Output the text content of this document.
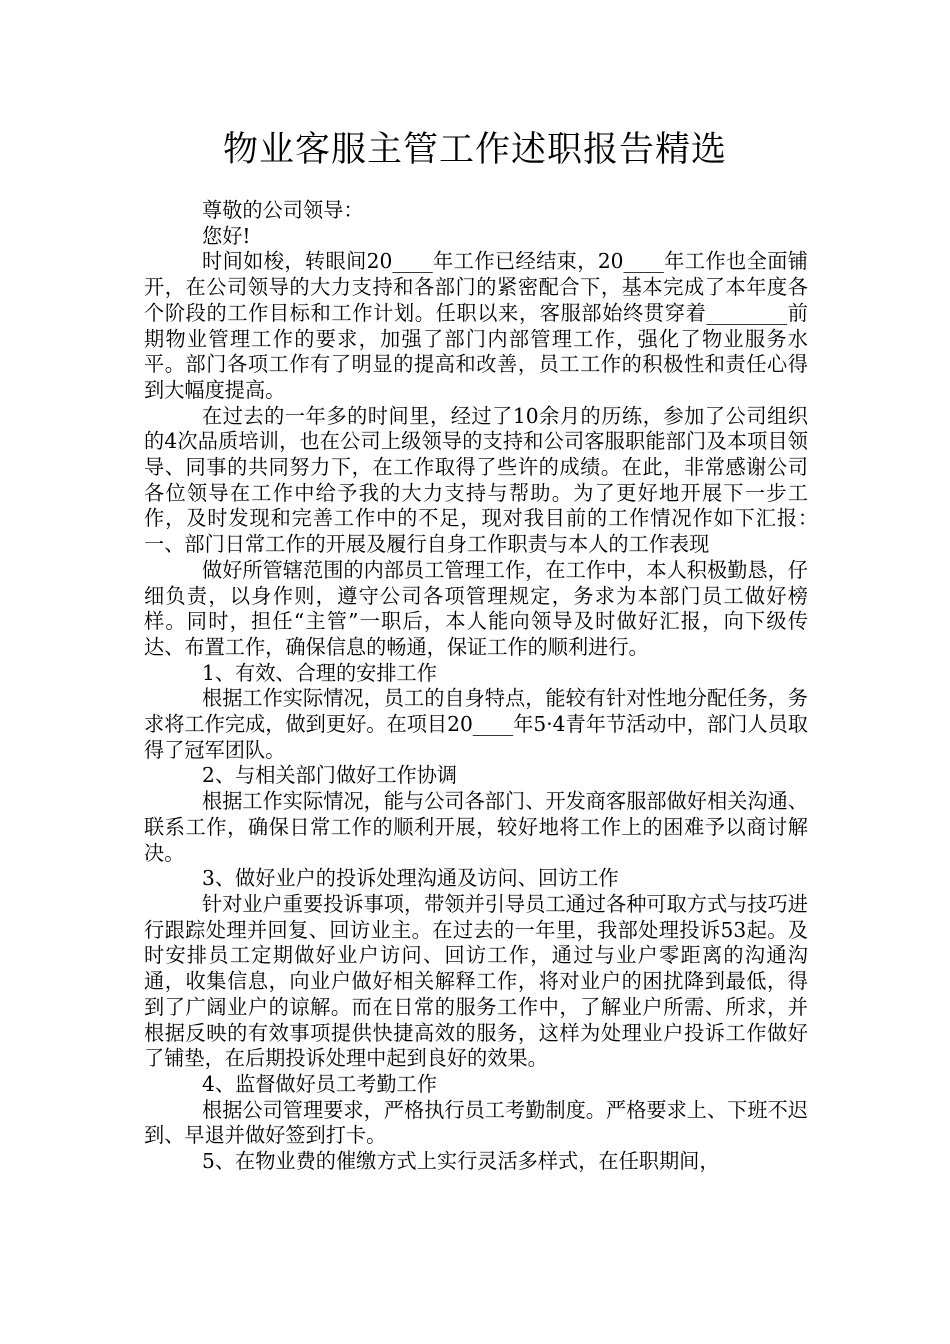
物业客服主管工作述职报告精选

尊敬的公司领导：

您好!

时间如梭，转眼间20____年工作已经结束，20____年工作也全面铺开，在公司领导的大力支持和各部门的紧密配合下，基本完成了本年度各个阶段的工作目标和工作计划。任职以来，客服部始终贯穿着________前期物业管理工作的要求，加强了部门内部管理工作，强化了物业服务水平。部门各项工作有了明显的提高和改善，员工工作的积极性和责任心得到大幅度提高。

在过去的一年多的时间里，经过了10余月的历练，参加了公司组织的4次品质培训，也在公司上级领导的支持和公司客服职能部门及本项目领导、同事的共同努力下，在工作取得了些许的成绩。在此，非常感谢公司各位领导在工作中给予我的大力支持与帮助。为了更好地开展下一步工作，及时发现和完善工作中的不足，现对我目前的工作情况作如下汇报：　　　一、部门日常工作的开展及履行自身工作职责与本人的工作表现

做好所管辖范围的内部员工管理工作，在工作中，本人积极勤恳，仔细负责，以身作则，遵守公司各项管理规定，务求为本部门员工做好榜样。同时，担任“主管”一职后，本人能向领导及时做好汇报，向下级传达、布置工作，确保信息的畅通，保证工作的顺利进行。

1、有效、合理的安排工作

根据工作实际情况，员工的自身特点，能较有针对性地分配任务，务求将工作完成，做到更好。在项目20____年5·4青年节活动中，部门人员取得了冠军团队。

2、与相关部门做好工作协调

根据工作实际情况，能与公司各部门、开发商客服部做好相关沟通、联系工作，确保日常工作的顺利开展，较好地将工作上的困难予以商讨解决。

3、做好业户的投诉处理沟通及访问、回访工作

针对业户重要投诉事项，带领并引导员工通过各种可取方式与技巧进行跟踪处理并回复、回访业主。在过去的一年里，我部处理投诉53起。及时安排员工定期做好业户访问、回访工作，通过与业户零距离的沟通沟通，收集信息，向业户做好相关解释工作，将对业户的困扰降到最低，得到了广阔业户的谅解。而在日常的服务工作中，了解业户所需、所求，并根据反映的有效事项提供快捷高效的服务，这样为处理业户投诉工作做好了铺垫，在后期投诉处理中起到良好的效果。

4、监督做好员工考勤工作

根据公司管理要求，严格执行员工考勤制度。严格要求上、下班不迟到、早退并做好签到打卡。

5、在物业费的催缴方式上实行灵活多样式，在任职期间，
